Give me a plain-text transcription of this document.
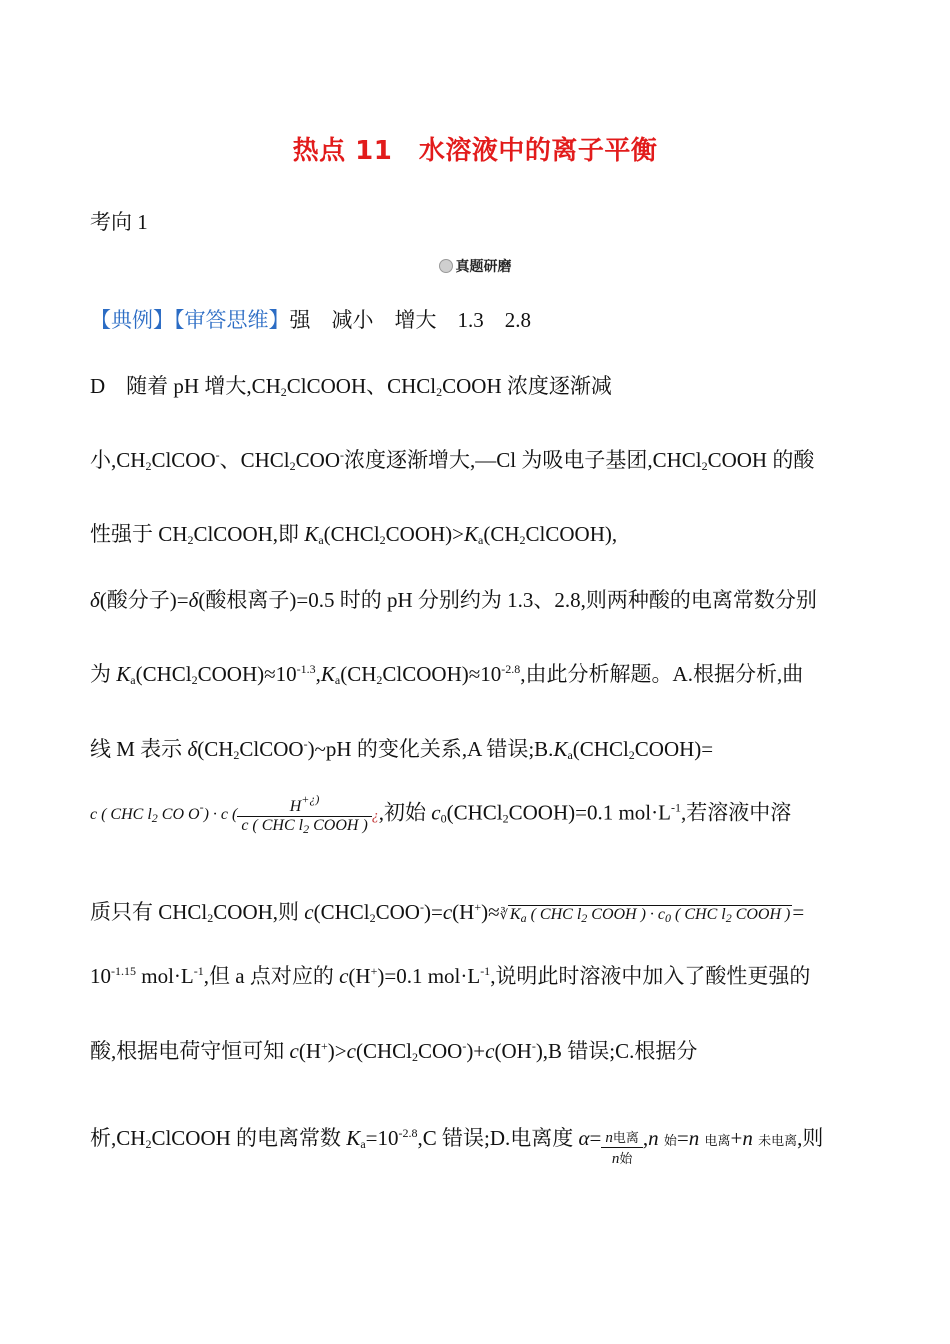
热点 11　水溶液中的离子平衡
考向 1
真题研磨
【典例】【审答思维】强　减小　增大　1.3　2.8
D　随着 pH 增大$,CH_2ClCOOH$、CHCl$_2$COOH 浓度逐渐减
小$,CH_2ClCOO^-$、CHCl$_2$COO-浓度逐渐增大,—Cl 为吸电子基团,CHCl$_2$COOH 的酸
性强于 $CH_2ClCOOH$,即 $K_a(CHCl_2COOH)>K_a(CH_2ClCOOH)$,
δ(酸分子)=δ(酸根离子)=0.5 时的 pH 分别约为 1.3、2.8,则两种酸的电离常数分别
为 $K_a(CHCl_2COOH)\approx 10^{-1.3},K_a(CH_2ClCOOH)\approx 10^{-2.8}$,由此分析解题。A.根据分析,曲
线 M 表示 $\delta(CH_2ClCOO^-)\sim pH$ 的变化关系,A 错误$;B.K_a(CHCl_2COOH)=$
c ( CHC $l_2$ CO O-) · c ( $\frac{H^{+¿)}}{c ( CHC l_2 COOH )}$ ¿,初始 $c_0(CHCl_2COOH)=0.1$ $mol\cdot L^{-1}$,若溶液中溶
质只有 CHCl$_2$COOH,则 c(CHCl$_2$COO-)=c(H+)≈∛ $K_a$ ( CHC $l_2$ COOH ) · $c_0$ ( CHC $l_2$ COOH )=
$10^{-1.15}$ $mol\cdot L^{-1}$,但 a 点对应的 c(H+)=0.1 $mol\cdot L^{-1}$,说明此时溶液中加入了酸性更强的
酸,根据电荷守恒可知 c(H+)>c(CHCl$_2$COO-)+c(OH-),B 错误;C.根据分
析$,CH_2ClCOOH$ 的电离常数 $K_a=10^{-2.8},C$ 错误;D.电离度 $\alpha= \frac{\text{n电离}}{\text{n始}} ,n$ 始=n 电离+n 未电离,则
